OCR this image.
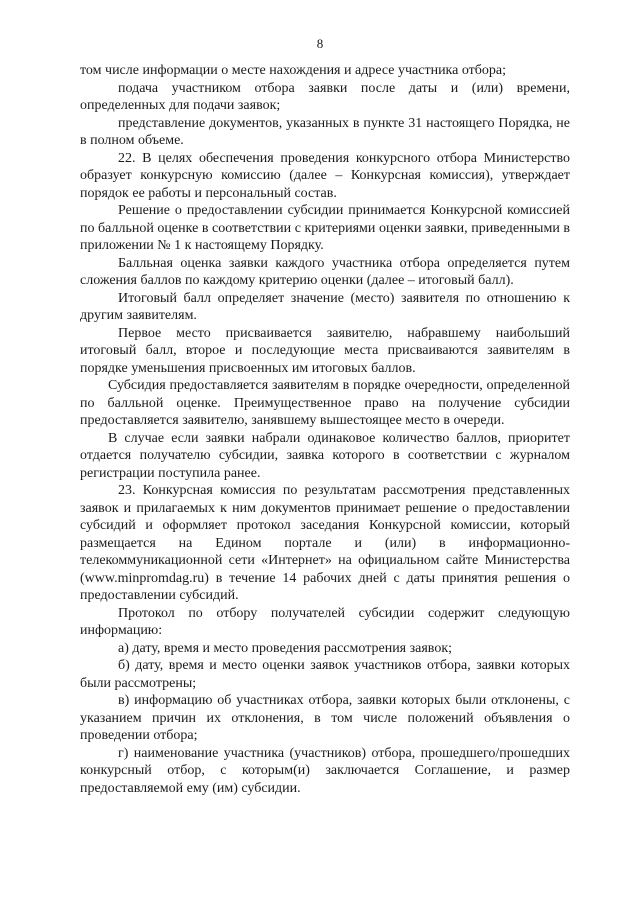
8

том числе информации о месте нахождения и адресе участника отбора;

подача участником отбора заявки после даты и (или) времени, определенных для подачи заявок;

представление документов, указанных в пункте 31 настоящего Порядка, не в полном объеме.

22. В целях обеспечения проведения конкурсного отбора Министерство образует конкурсную комиссию (далее – Конкурсная комиссия), утверждает порядок ее работы и персональный состав.

Решение о предоставлении субсидии принимается Конкурсной комиссией по балльной оценке в соответствии с критериями оценки заявки, приведенными в приложении № 1 к настоящему Порядку.

Балльная оценка заявки каждого участника отбора определяется путем сложения баллов по каждому критерию оценки (далее – итоговый балл).

Итоговый балл определяет значение (место) заявителя по отношению к другим заявителям.

Первое место присваивается заявителю, набравшему наибольший итоговый балл, второе и последующие места присваиваются заявителям в порядке уменьшения присвоенных им итоговых баллов.

Субсидия предоставляется заявителям в порядке очередности, определенной по балльной оценке. Преимущественное право на получение субсидии предоставляется заявителю, занявшему вышестоящее место в очереди.

В случае если заявки набрали одинаковое количество баллов, приоритет отдается получателю субсидии, заявка которого в соответствии с журналом регистрации поступила ранее.

23. Конкурсная комиссия по результатам рассмотрения представленных заявок и прилагаемых к ним документов принимает решение о предоставлении субсидий и оформляет протокол заседания Конкурсной комиссии, который размещается на Едином портале и (или) в информационно-телекоммуникационной сети «Интернет» на официальном сайте Министерства (www.minpromdag.ru) в течение 14 рабочих дней с даты принятия решения о предоставлении субсидий.

Протокол по отбору получателей субсидии содержит следующую информацию:

а) дату, время и место проведения рассмотрения заявок;

б) дату, время и место оценки заявок участников отбора, заявки которых были рассмотрены;

в) информацию об участниках отбора, заявки которых были отклонены, с указанием причин их отклонения, в том числе положений объявления о проведении отбора;

г) наименование участника (участников) отбора, прошедшего/прошедших конкурсный отбор, с которым(и) заключается Соглашение, и размер предоставляемой ему (им) субсидии.
